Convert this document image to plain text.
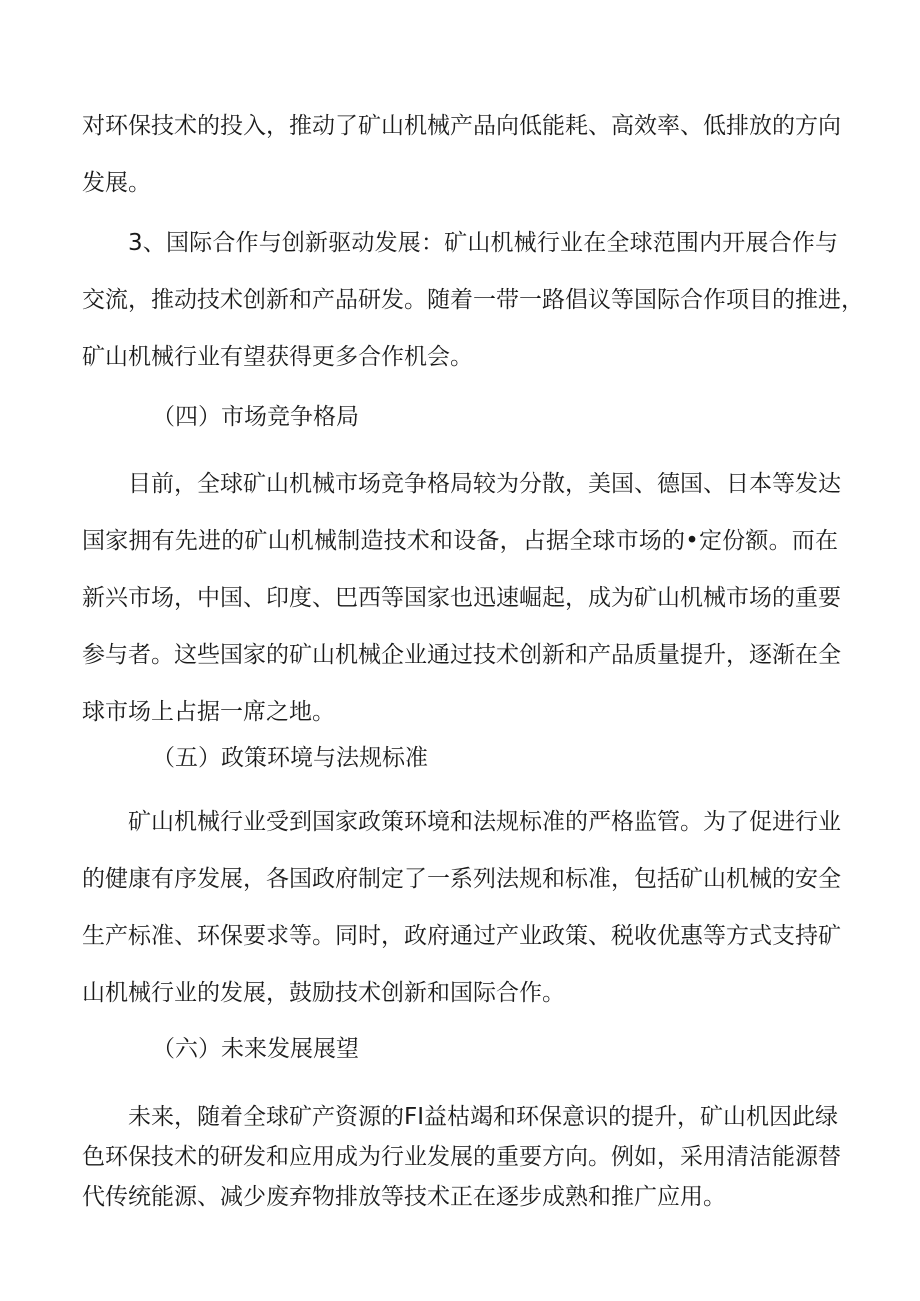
对环保技术的投入，推动了矿山机械产品向低能耗、高效率、低排放的方向
发展。
3、国际合作与创新驱动发展：矿山机械行业在全球范围内开展合作与
交流，推动技术创新和产品研发。随着一带一路倡议等国际合作项目的推进，
矿山机械行业有望获得更多合作机会。
（四）市场竞争格局
目前，全球矿山机械市场竞争格局较为分散，美国、德国、日本等发达
国家拥有先进的矿山机械制造技术和设备，占据全球市场的•定份额。而在
新兴市场，中国、印度、巴西等国家也迅速崛起，成为矿山机械市场的重要
参与者。这些国家的矿山机械企业通过技术创新和产品质量提升，逐渐在全
球市场上占据一席之地。
（五）政策环境与法规标准
矿山机械行业受到国家政策环境和法规标准的严格监管。为了促进行业
的健康有序发展，各国政府制定了一系列法规和标准，包括矿山机械的安全
生产标准、环保要求等。同时，政府通过产业政策、税收优惠等方式支持矿
山机械行业的发展，鼓励技术创新和国际合作。
（六）未来发展展望
未来，随着全球矿产资源的FI益枯竭和环保意识的提升，矿山机因此绿
色环保技术的研发和应用成为行业发展的重要方向。例如，采用清洁能源替
代传统能源、减少废弃物排放等技术正在逐步成熟和推广应用。
